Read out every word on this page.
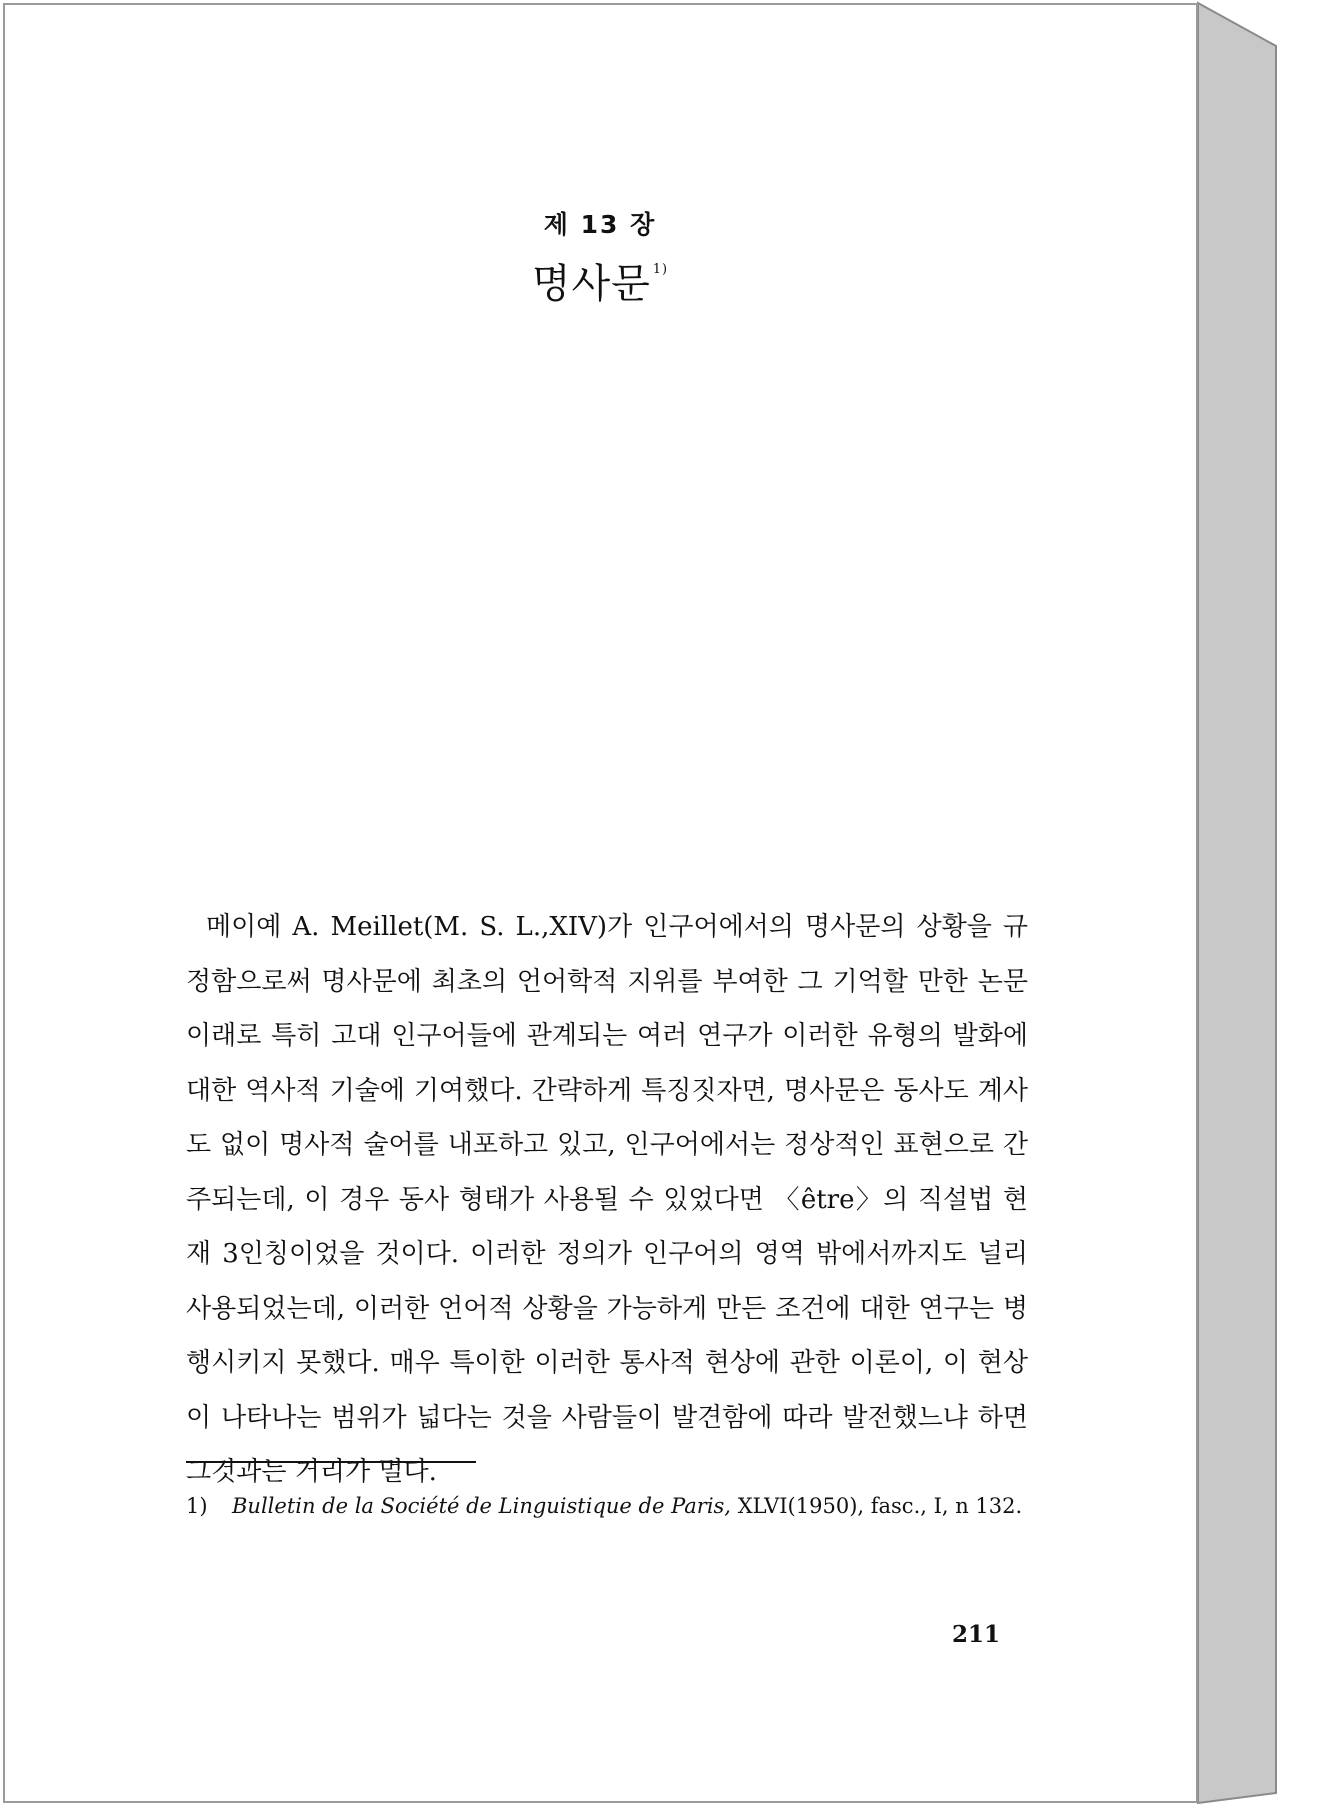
제 13 장
명사문 $^{1)}$

메이예 A. Meillet(M. S. L.,XIV)가 인구어에서의 명사문의 상황을 규정함으로써 명사문에 최초의 언어학적 지위를 부여한 그 기억할 만한 논문 이래로 특히 고대 인구어들에 관계되는 여러 연구가 이러한 유형의 발화에 대한 역사적 기술에 기여했다. 간략하게 특징짓자면, 명사문은 동사도 계사도 없이 명사적 술어를 내포하고 있고, 인구어에서는 정상적인 표현으로 간주되는데, 이 경우 동사 형태가 사용될 수 있었다면 〈être〉의 직설법 현재 3인칭이었을 것이다. 이러한 정의가 인구어의 영역 밖에서까지도 널리 사용되었는데, 이러한 언어적 상황을 가능하게 만든 조건에 대한 연구는 병행시키지 못했다. 매우 특이한 이러한 통사적 현상에 관한 이론이, 이 현상이 나타나는 범위가 넓다는 것을 사람들이 발견함에 따라 발전했느냐 하면 그것과는 거리가 멀다.

1) Bulletin de la Société de Linguistique de Paris, XLVI(1950), fasc., I, n 132.

211
